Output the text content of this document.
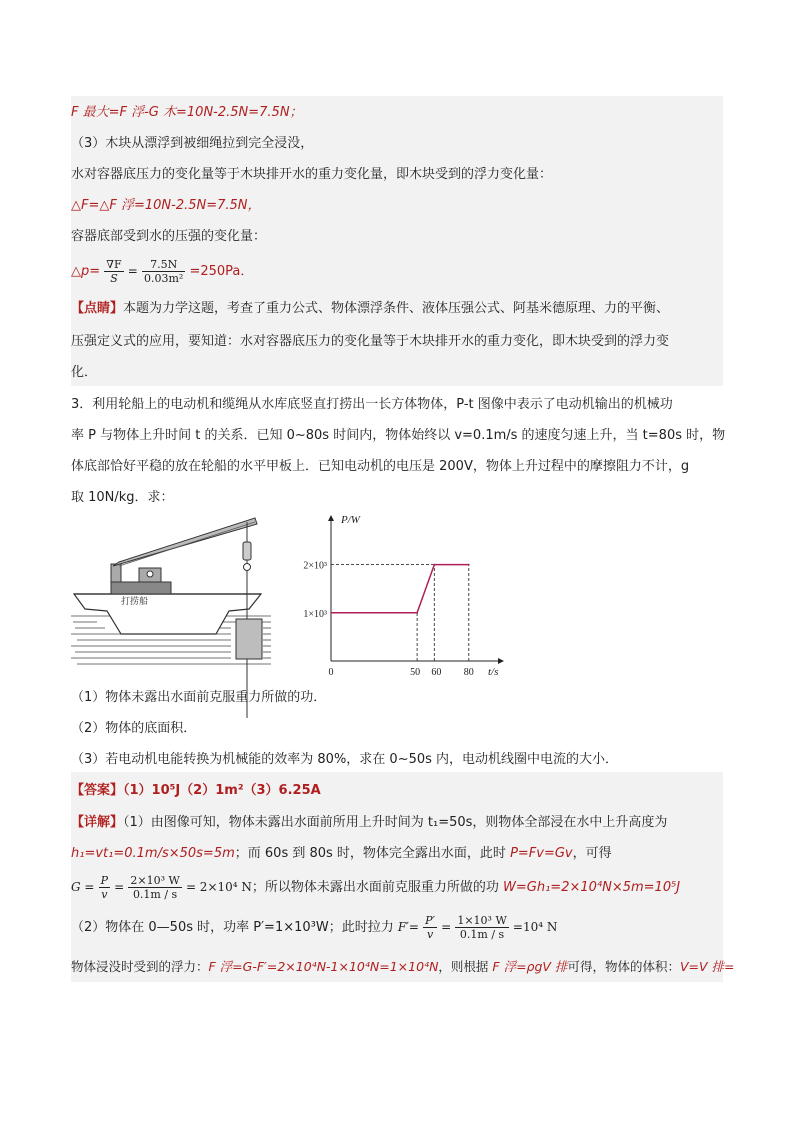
F 最大=F 浮-G 木=10N-2.5N=7.5N；
（3）木块从漂浮到被细绳拉到完全浸没，
水对容器底压力的变化量等于木块排开水的重力变化量，即木块受到的浮力变化量：
△F=△F 浮=10N-2.5N=7.5N，
容器底部受到水的压强的变化量：
△p= $\frac{\nabla F}{S} = \frac{7.5N}{\text{0.03m²}} =250Pa$．
【点睛】本题为力学这题，考查了重力公式、物体漂浮条件、液体压强公式、阿基米德原理、力的平衡、
压强定义式的应用，要知道：水对容器底压力的变化量等于木块排开水的重力变化，即木块受到的浮力变
化．
3．利用轮船上的电动机和缆绳从水库底竖直打捞出一长方体物体，P-t 图像中表示了电动机输出的机械功
率 P 与物体上升时间 t 的关系．已知 0~80s 时间内，物体始终以 v=0.1m/s 的速度匀速上升，当 t=80s 时，物
体底部恰好平稳的放在轮船的水平甲板上．已知电动机的电压是 200V，物体上升过程中的摩擦阻力不计，g
取 10N/kg．求：
打捞船
P/W
t/s
1×10³
2×10³
0	50 60 80
（1）物体未露出水面前克服重力所做的功．
（2）物体的底面积．
（3）若电动机电能转换为机械能的效率为 80%，求在 0~50s 内，电动机线圈中电流的大小．
【答案】（1）10⁵J（2）1m²（3）6.25A
【详解】（1）由图像可知，物体未露出水面前所用上升时间为 t₁=50s，则物体全部浸在水中上升高度为
h₁=vt₁=0.1m/s×50s=5m；而 60s 到 80s 时，物体完全露出水面，此时 P=Fv=Gv，可得
$G = \frac{P}{v} = \frac{\text{2×10³ W}}{0.1m / s} = 2\times 10^4$ N；所以物体未露出水面前克服重力所做的功 W=Gh₁=2×10⁴N×5m=10⁵J
（2）物体在 0—50s 时，功率 P′=1×10³W；此时拉力 $F'= \frac{P'}{v} = \frac{\text{1×10³ W}}{0.1m / s} =10^4$ N
物体浸没时受到的浮力：F 浮=G-F′=2×10⁴N-1×10⁴N=1×10⁴N，则根据 F 浮=ρgV 排可得，物体的体积：V=V 排=
